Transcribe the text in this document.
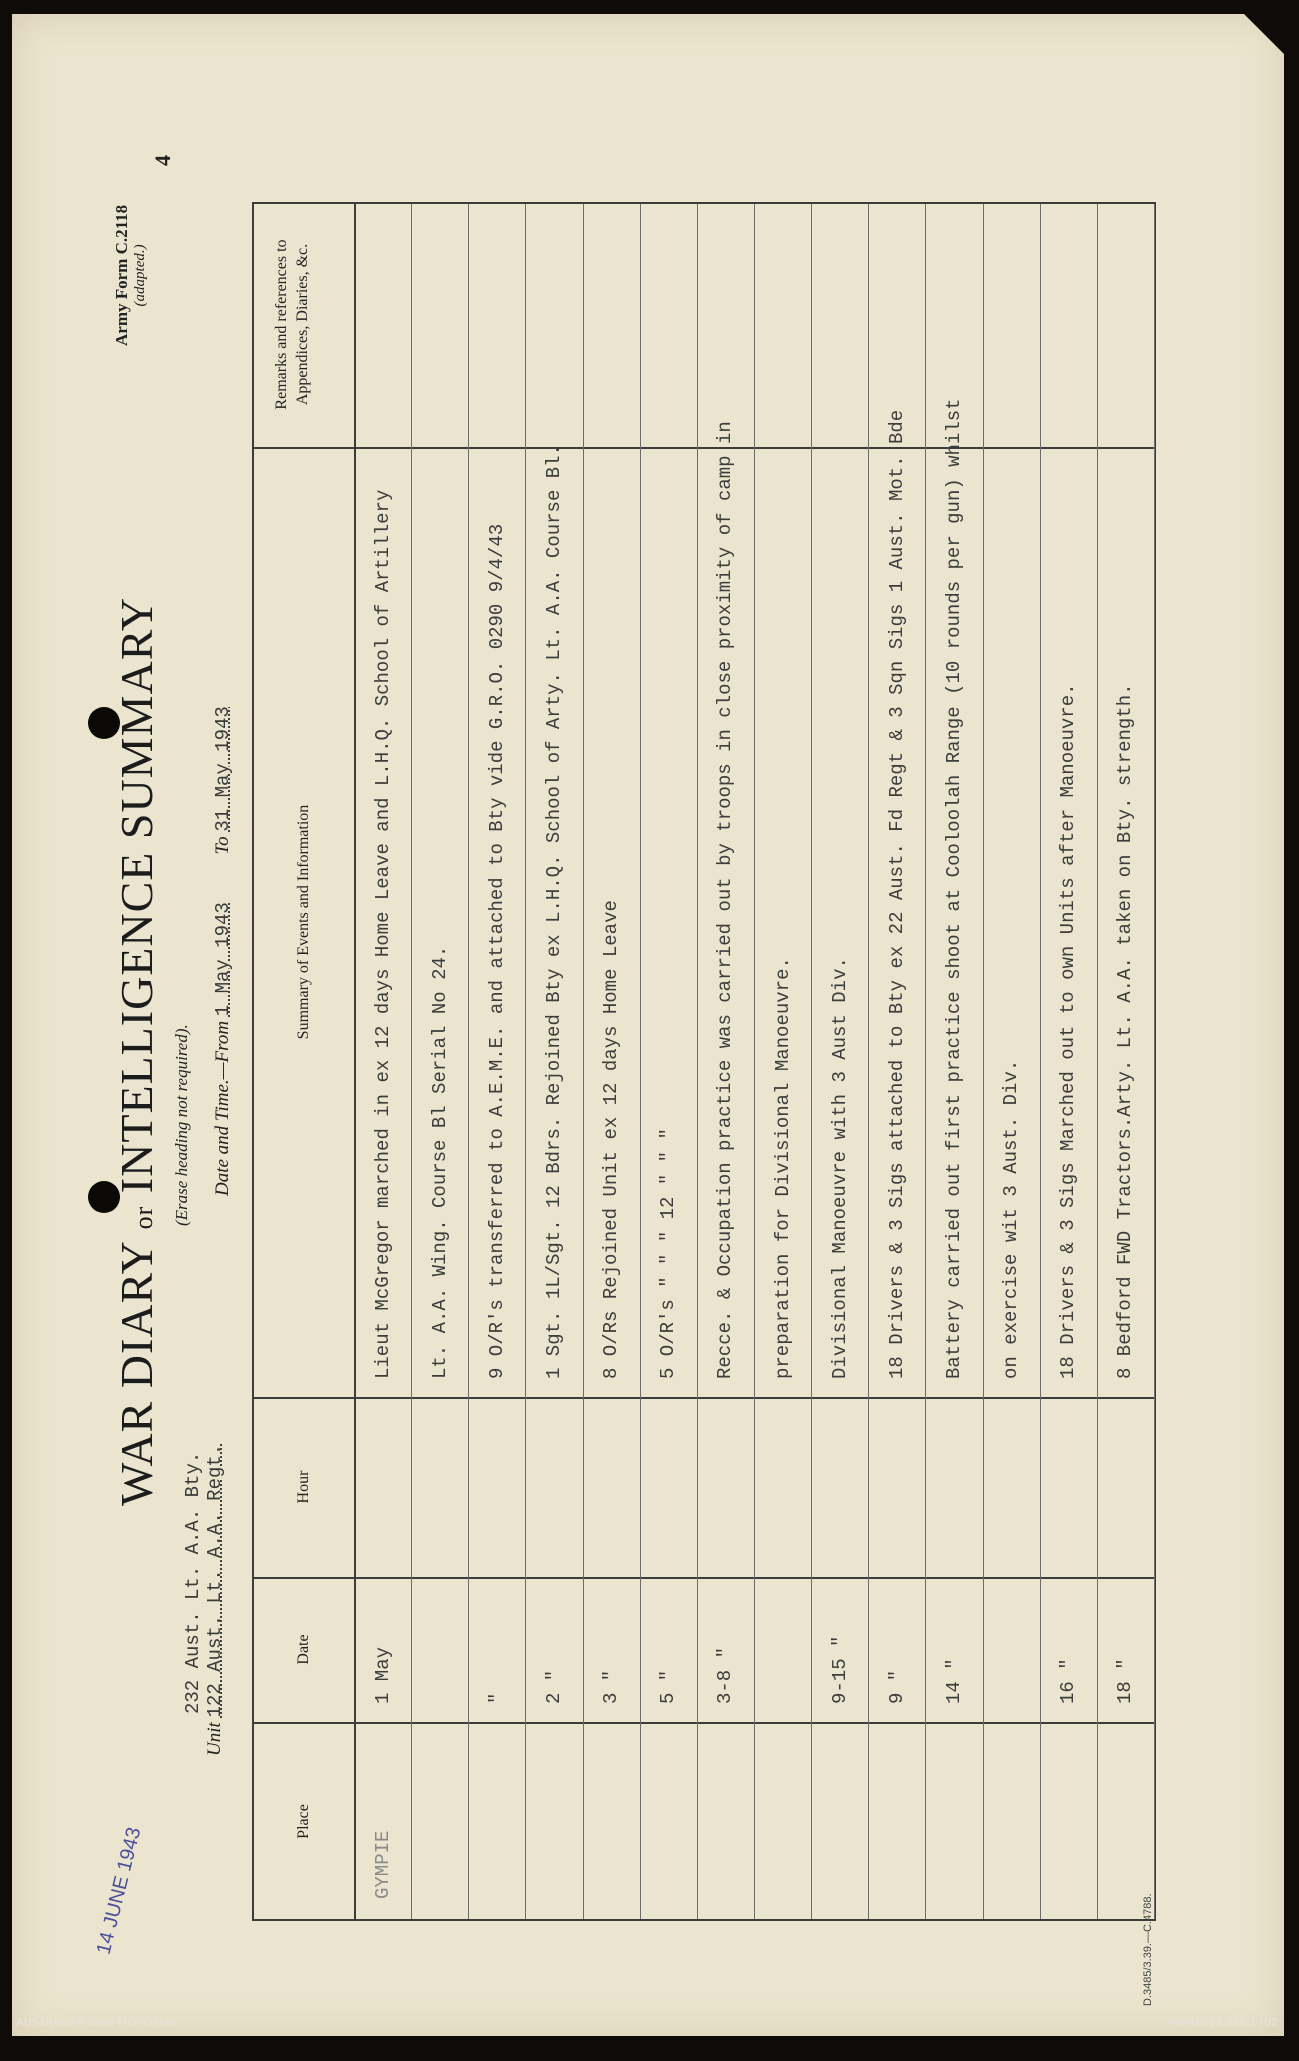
14 JUNE 1943
WAR DIARY or INTELLIGENCE SUMMARY (Erase heading not required).
232 Aust. Lt. A.A. Bty.
Unit 122 Aust. Lt. A.A. Regt.
Date and Time.—From 1 May 1943          To 31 May 1943
Army Form C.2118 (adapted.)
4
D.3485/3.39.—C.4788.
Place
Date
Hour
Summary of Events and Information
Remarks and references to Appendices, Diaries, &c.
GYMPIE
1 May
Lieut McGregor marched in ex 12 days Home Leave and L.H.Q. School of Artillery Lt. A.A. Wing. Course Bl Serial No 24.
"
9 O/R's transferred to A.E.M.E. and attached to Bty vide G.R.O. 0290 9/4/43
2 "
1 Sgt. 1L/Sgt. 12 Bdrs. Rejoined Bty ex L.H.Q. School of Arty. Lt. A.A. Course Bl.
3 "
8 O/Rs Rejoined Unit ex 12 days Home Leave
5 "
5 O/R's " " " 12 " " "
3-8 "
Recce. & Occupation practice was carried out by troops in close proximity of camp in preparation for Divisional Manoeuvre.
9-15 "
Divisional Manoeuvre with 3 Aust Div.
9 "
18 Drivers & 3 Sigs attached to Bty ex 22 Aust. Fd Regt & 3 Sqn Sigs 1 Aust. Mot. Bde
14 "
Battery carried out first practice shoot at Cooloolah Range (10 rounds per gun) whilst on exercise wit 3 Aust. Div.
16 "
18 Drivers & 3 Sigs Marched out to own Units after Manoeuvre.
18 "
8 Bedford FWD Tractors.Arty. Lt. A.A. taken on Bty. strength.
AUSTRALIAN WAR MEMORIAL	AWM2019.366.1702
